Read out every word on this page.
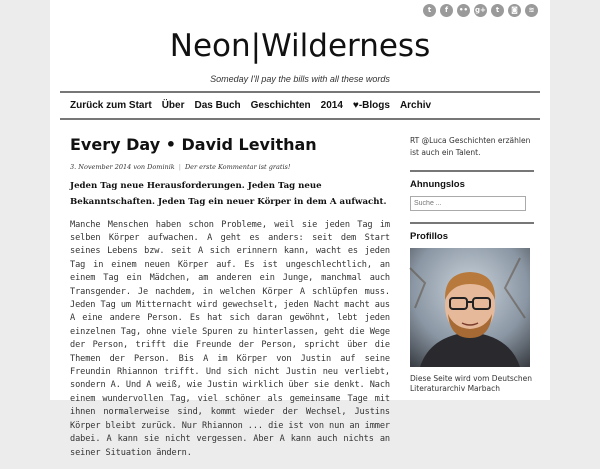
t	f	•• g+	t	◙	≋
Neon|Wilderness
Someday I'll pay the bills with all these words
Zurück zum Start Über Das Buch Geschichten 2014 ♥-Blogs Archiv
Every Day • David Levithan
3. November 2014 von Dominik | Der erste Kommentar ist gratis!

Jeden Tag neue Herausforderungen. Jeden Tag neue Bekanntschaften. Jeden Tag ein neuer Körper in dem A aufwacht.

Manche Menschen haben schon Probleme, weil sie jeden Tag im selben Körper aufwachen. A geht es anders: seit dem Start seines Lebens bzw. seit A sich erinnern kann, wacht es jeden Tag in einem neuen Körper auf. Es ist ungeschlechtlich, an einem Tag ein Mädchen, am anderen ein Junge, manchmal auch Transgender. Je nachdem, in welchen Körper A schlüpfen muss. Jeden Tag um Mitternacht wird gewechselt, jeden Nacht macht aus A eine andere Person. Es hat sich daran gewöhnt, lebt jeden einzelnen Tag, ohne viele Spuren zu hinterlassen, geht die Wege der Person, trifft die Freunde der Person, spricht über die Themen der Person. Bis A im Körper von Justin auf seine Freundin Rhiannon trifft. Und sich nicht Justin neu verliebt, sondern A. Und A weiß, wie Justin wirklich über sie denkt. Nach einem wundervollen Tag, viel schöner als gemeinsame Tage mit ihnen normalerweise sind, kommt wieder der Wechsel, Justins Körper bleibt zurück. Nur Rhiannon ... die ist von nun an immer dabei. A kann sie nicht vergessen. Aber A kann auch nichts an seiner Situation ändern.

RT @Luca Geschichten erzählen ist auch ein Talent.
Ahnungslos
Suche ...
Profillos
Diese Seite wird vom Deutschen Literaturarchiv Marbach
